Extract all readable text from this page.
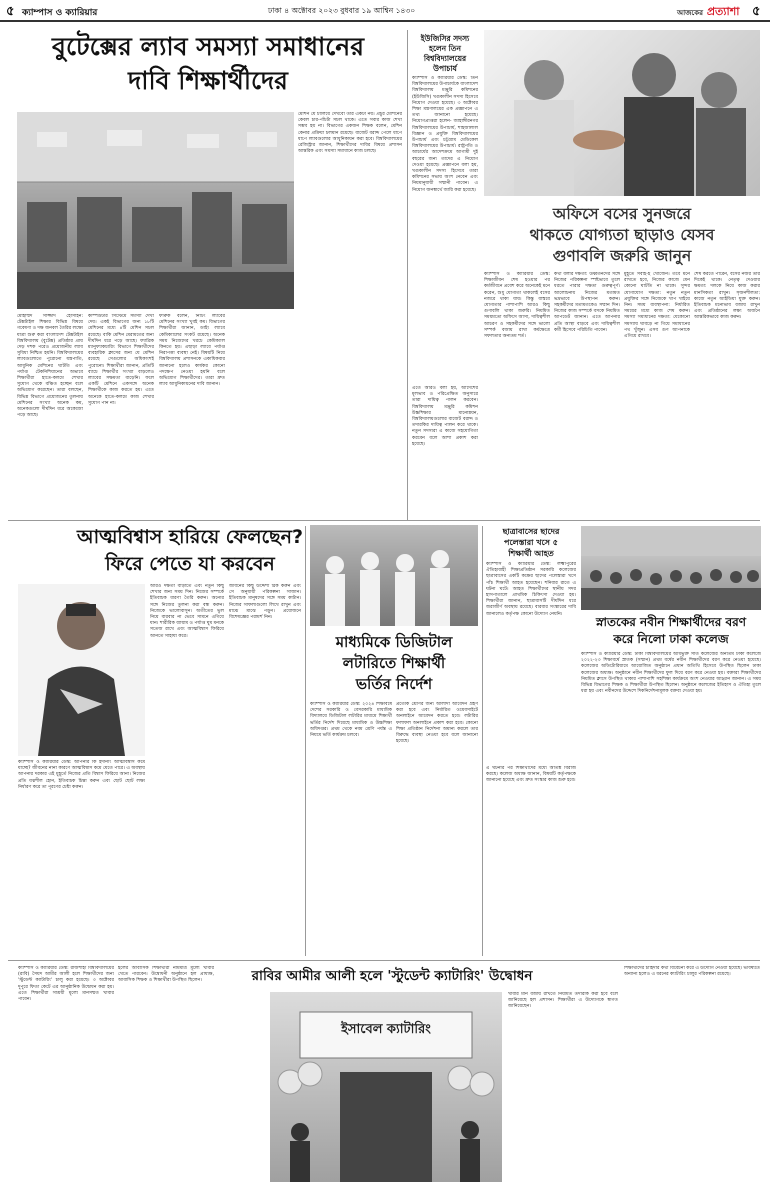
৫ ক্যাম্পাস ও ক্যারিয়ার	ঢাকা ৪ অক্টোবর ২০২৩ বুধবার ১৯ আশ্বিন ১৪৩০	আজকের প্রত্যাশা ৫
বুটেক্সের ল্যাব সমস্যা সমাধানের
দাবি শিক্ষার্থীদের
মোহাম্মদ সাজ্জাদ হোসাইন: টেক্সটাইল শিক্ষার বিভিন্ন বিষয়ে গবেষণা ও দক্ষ জনবল তৈরির লক্ষ্যে যাত্রা শুরু করা বাংলাদেশ টেক্সটাইল বিশ্ববিদ্যালয় (বুটেক্স) প্রতিষ্ঠার প্রায় দেড় দশক পরেও প্রয়োজনীয় ল্যাব সুবিধা নিশ্চিত হয়নি। বিশ্ববিদ্যালয়ের ল্যাবগুলোতে পুরোনো যন্ত্রপাতি, আধুনিক মেশিনের ঘাটতি এবং পর্যাপ্ত টেকনিশিয়ানের অভাবে শিক্ষার্থীরা হাতে-কলমে শেখার সুযোগ থেকে বঞ্চিত হচ্ছেন বলে অভিযোগ করেছেন। তারা বলছেন, বিভিন্ন বিভাগে প্রয়োজনের তুলনায় মেশিনের সংখ্যা অনেক কম, অনেকগুলো দীর্ঘদিন ধরে অকেজো পড়ে আছে।
কম্পিউটার সিস্টেমে সমস্যা দেখা দেয়। একই বিভাগের জন্য ১৮টি মেশিনের মধ্যে ৪টি মেশিন সচল রয়েছে। বাকি মেশিন মেরামতের জন্য দীর্ঘদিন ধরে পড়ে আছে। ফ্যাব্রিক ম্যানুফ্যাকচারিং বিভাগে শিক্ষার্থীদের ব্যবহারিক ক্লাসের জন্য যে মেশিন রয়েছে সেগুলোর অধিকাংশই পুরোনো। শিক্ষার্থীরা জানান, প্রতিটি ব্যাচে শিক্ষার্থীর সংখ্যা বাড়লেও ল্যাবের সক্ষমতা বাড়েনি। ফলে একটি মেশিনে একসঙ্গে অনেক শিক্ষার্থীকে কাজ করতে হয়। এতে অনেকে হাতে-কলমে কাজ শেখার সুযোগ পান না।
ফারুক বলেন, নিটিং ল্যাবের মেশিনের সংখ্যা খুবই কম। বিভাগের শিক্ষার্থীরা জানান, ডাইং ল্যাবে কেমিক্যালের সংকট রয়েছে। অনেক সময় নিজেদের খরচে কেমিক্যাল কিনতে হয়। এছাড়া ল্যাবে পর্যাপ্ত নিরাপত্তা ব্যবস্থা নেই। বিষয়টি নিয়ে বিশ্ববিদ্যালয় প্রশাসনকে একাধিকবার জানানো হলেও কার্যকর কোনো পদক্ষেপ নেওয়া হয়নি বলে অভিযোগ শিক্ষার্থীদের। তারা দ্রুত ল্যাব আধুনিকায়নের দাবি জানান।
মেশিন যে চালিয়ে দেখবো তার একটা নয়। প্রচুর মেশিনের কেবল চার-পাঁচটা সচল থাকে। এতে সবার কাজ শেখা সম্ভব হয় না। বিভাগের একজন শিক্ষক বলেন, মেশিন কেনার প্রক্রিয়া চলমান রয়েছে। বাজেট বরাদ্দ পেলে ধাপে ধাপে ল্যাবগুলোর আধুনিকায়ন করা হবে। বিশ্ববিদ্যালয়ের রেজিস্ট্রার জানান, শিক্ষার্থীদের দাবির বিষয়ে প্রশাসন আন্তরিক এবং সমস্যা সমাধানে কাজ চলছে।
ইউজিসির সদস্য হলেন তিন বিশ্ববিদ্যালয়ের উপাচার্য
ক্যাম্পাস ও ক্যারিয়ার ডেস্ক: তিন বিশ্ববিদ্যালয়ের উপাচার্যকে বাংলাদেশ বিশ্ববিদ্যালয় মঞ্জুরি কমিশনের (ইউজিসি) খণ্ডকালীন সদস্য হিসেবে নিয়োগ দেওয়া হয়েছে। ৩ অক্টোবর শিক্ষা মন্ত্রণালয়ের এক প্রজ্ঞাপনে এ তথ্য জানানো হয়েছে। নিয়োগপ্রাপ্তরা হলেন- জাহাঙ্গীরনগর বিশ্ববিদ্যালয়ের উপাচার্য, শাহজালাল বিজ্ঞান ও প্রযুক্তি বিশ্ববিদ্যালয়ের উপাচার্য এবং চট্টগ্রাম মেডিকেল বিশ্ববিদ্যালয়ের উপাচার্য। রাষ্ট্রপতি ও আচার্যের আদেশক্রমে আগামী দুই বছরের জন্য তাদের এ নিয়োগ দেওয়া হয়েছে। প্রজ্ঞাপনে বলা হয়, খণ্ডকালীন সদস্য হিসেবে তারা কমিশনের সভায় অংশ নেবেন এবং নিয়মানুযায়ী সম্মানী পাবেন। এ নিয়োগ জনস্বার্থে জারি করা হয়েছে।
এতে আরও বলা হয়, আদেশের মূলভাব ও পরিপ্রেক্ষিত অনুসারে তারা দায়িত্ব পালন করবেন। বিশ্ববিদ্যালয় মঞ্জুরি কমিশন উচ্চশিক্ষার মানোন্নয়ন, বিশ্ববিদ্যালয়গুলোর বাজেট বরাদ্দ ও তদারকির দায়িত্ব পালন করে থাকে। নতুন সদস্যরা এ কাজে সহযোগিতা করবেন বলে আশা প্রকাশ করা হয়েছে।
অফিসে বসের সুনজরে
থাকতে যোগ্যতা ছাড়াও যেসব
গুণাবলি জরুরি জানুন
ক্যাম্পাস ও ক্যারিয়ার ডেস্ক: শিক্ষাজীবন শেষ হওয়ার পর কর্মজীবনে প্রবেশ করে অনেকেই মনে করেন, শুধু যোগ্যতা থাকলেই বসের নজরে থাকা যায়। কিন্তু বাস্তবে যোগ্যতার পাশাপাশি আরও কিছু গুণাবলি থাকা জরুরি। নিয়মিত সময়মতো অফিসে আসা, দায়িত্বশীল আচরণ ও সহকর্মীদের সঙ্গে ভালো সম্পর্ক বজায় রাখা কর্মক্ষেত্রে সফলতার অন্যতম শর্ত।
কথা বলার দক্ষতা: উর্ধ্বতনদের সঙ্গে নিজের পরিকল্পনা স্পষ্টভাবে তুলে ধরতে পারার দক্ষতা গুরুত্বপূর্ণ। আলোচনায় নিজের মতামত ভদ্রভাবে উপস্থাপন করুন। সহকর্মীদের মতামতকেও সম্মান দিন। নিজের কাজ সম্পর্কে বসকে নিয়মিত আপডেট জানান। এতে আপনার প্রতি আস্থা বাড়বে এবং দায়িত্বশীল কর্মী হিসেবে পরিচিতি পাবেন।
মুহূর্তে সবাই-ই খোঁজেন। তবে মনে রাখতে হবে, নিজের কাজে যেন কোনো ঘাটতি না থাকে। সুন্দর যোগাযোগ দক্ষতা: নতুন নতুন প্রযুক্তির সঙ্গে নিজেকে খাপ খাইয়ে নিন। সময় ব্যবস্থাপনা: নির্ধারিত সময়ের মধ্যে কাজ শেষ করুন। সমস্যা সমাধানের দক্ষতা: যেকোনো সমস্যায় ঘাবড়ে না গিয়ে সমাধানের পথ খুঁজুন। এসব গুণ আপনাকে এগিয়ে রাখবে।
শেষ করতে পারেন, বসের নজর তার দিকেই থাকে। নেতৃত্ব দেওয়ার ক্ষমতা: দলকে নিয়ে কাজ করার মানসিকতা রাখুন। সৃজনশীলতা: কাজে নতুন আইডিয়া যুক্ত করুন। ইতিবাচক মনোভাব বজায় রাখুন এবং প্রতিষ্ঠানের লক্ষ্য অর্জনে আন্তরিকভাবে কাজ করুন।
আত্মবিশ্বাস হারিয়ে ফেলছেন?
ফিরে পেতে যা করবেন
ক্যাম্পাস ও ক্যারিয়ার ডেস্ক: আপনার কি ইদানীং আত্মবিশ্বাস কমে যাচ্ছে? জীবনের নানা কারণে আত্মবিশ্বাস কমে যেতে পারে। এ অবস্থায় আপনার দরকার এই মুহূর্তে নিজের প্রতি বিশ্বাস ফিরিয়ে আনা। নিজের প্রতি যত্নশীল হোন, ইতিবাচক চিন্তা করুন এবং ছোট ছোট লক্ষ্য নির্ধারণ করে তা পূরণের চেষ্টা করুন।
আরও দক্ষতা বাড়াতে এবং নতুন কিছু শেখার জন্য সময় দিন। নিজের সম্পর্কে ইতিবাচক ধারণা তৈরি করুন। অন্যের সঙ্গে নিজের তুলনা করা বন্ধ করুন। নিজেকে ভালোবাসুন। অতীতের ভুল নিয়ে বারবার না ভেবে সামনে এগিয়ে যান। শারীরিক ব্যায়াম ও পর্যাপ্ত ঘুম মনকে সতেজ রাখে এবং আত্মবিশ্বাস ফিরিয়ে আনতে সাহায্য করে।
জীবনের কিছু উদ্দেশ্য ঠিক করুন এবং সে অনুযায়ী পরিকল্পনা সাজান। ইতিবাচক মানুষদের সঙ্গে সময় কাটান। নিজের সাফল্যগুলো লিখে রাখুন এবং মাঝে মাঝে পড়ুন। প্রয়োজনে বিশেষজ্ঞের পরামর্শ নিন।
মাধ্যমিকে ডিজিটাল
লটারিতে শিক্ষার্থী
ভর্তির নির্দেশ
ক্যাম্পাস ও ক্যারিয়ার ডেস্ক: ২০২৪ শিক্ষাবর্ষে দেশের সরকারি ও বেসরকারি মাধ্যমিক বিদ্যালয়ে ডিজিটাল লটারির মাধ্যমে শিক্ষার্থী ভর্তির নির্দেশ দিয়েছে মাধ্যমিক ও উচ্চশিক্ষা অধিদপ্তর। প্রথম থেকে নবম শ্রেণি পর্যন্ত এ নিয়মে ভর্তি কার্যক্রম চলবে।
প্রত্যেক শ্রেণির জন্য আলাদা আবেদন গ্রহণ করা হবে এবং নির্ধারিত ওয়েবসাইটে অনলাইনে আবেদন করতে হবে। লটারির ফলাফল অনলাইনে প্রকাশ করা হবে। কোনো শিক্ষা প্রতিষ্ঠান নির্দেশনা অমান্য করলে তার বিরুদ্ধে ব্যবস্থা নেওয়া হবে বলে জানানো হয়েছে।
ছাত্রাবাসের ছাদের
পলেস্তারা খসে ৫
শিক্ষার্থী আহত
ক্যাম্পাস ও ক্যারিয়ার ডেস্ক: লক্ষ্মীপুরের ঐতিহ্যবাহী শিক্ষাপ্রতিষ্ঠান সরকারি কলেজের ছাত্রাবাসের একটি কক্ষের ছাদের পলেস্তারা খসে পাঁচ শিক্ষার্থী আহত হয়েছেন। শনিবার রাতে এ ঘটনা ঘটে। আহত শিক্ষার্থীদের স্থানীয় সদর হাসপাতালে প্রাথমিক চিকিৎসা দেওয়া হয়। শিক্ষার্থীরা জানান, ছাত্রাবাসটি দীর্ঘদিন ধরে জরাজীর্ণ অবস্থায় রয়েছে। বারবার সংস্কারের দাবি জানালেও কর্তৃপক্ষ কোনো উদ্যোগ নেয়নি।
এ ঘটনার পর শিক্ষার্থীদের মধ্যে আতঙ্ক বিরাজ করছে। কলেজ অধ্যক্ষ জানান, বিষয়টি কর্তৃপক্ষকে জানানো হয়েছে এবং দ্রুত সংস্কার কাজ শুরু হবে।
স্নাতকের নবীন শিক্ষার্থীদের বরণ
করে নিলো ঢাকা কলেজ
ক্যাম্পাস ও ক্যারিয়ার ডেস্ক: ঢাকা বিশ্ববিদ্যালয়ের অধিভুক্ত সাত কলেজের অন্যতম ঢাকা কলেজে ২০২২-২৩ শিক্ষাবর্ষে স্নাতক (সম্মান) প্রথম বর্ষের নবীন শিক্ষার্থীদের বরণ করে নেওয়া হয়েছে। কলেজের অডিটোরিয়ামে আয়োজিত অনুষ্ঠানে প্রধান অতিথি হিসেবে উপস্থিত ছিলেন ঢাকা কলেজের অধ্যক্ষ। অনুষ্ঠানে নবীন শিক্ষার্থীদের ফুল দিয়ে বরণ করে নেওয়া হয়। বক্তারা শিক্ষার্থীদের নিয়মিত ক্লাসে উপস্থিত থাকার পাশাপাশি সহশিক্ষা কার্যক্রমে অংশ নেওয়ার আহ্বান জানান। এ সময় বিভিন্ন বিভাগের শিক্ষক ও শিক্ষার্থীরা উপস্থিত ছিলেন। অনুষ্ঠানে কলেজের ইতিহাস ও ঐতিহ্য তুলে ধরা হয় এবং নবীনদের উদ্দেশে দিকনির্দেশনামূলক বক্তব্য দেওয়া হয়।
ক্যাম্পাস ও ক্যারিয়ার ডেস্ক: রাজশাহী বিশ্ববিদ্যালয়ের (রাবি) সৈয়দ আমীর আলী হলে শিক্ষার্থীদের জন্য 'স্টুডেন্ট ক্যাটারিং' চালু করা হয়েছে। ৩ অক্টোবর দুপুরে ফিতা কেটে এর আনুষ্ঠানিক উদ্বোধন করা হয়। এতে শিক্ষার্থীরা সাশ্রয়ী মূল্যে মানসম্মত খাবার পাবেন।
হলের আবাসিক শিক্ষার্থীরা নামমাত্র মূল্যে খাবার খেতে পারবেন। উদ্বোধনী অনুষ্ঠানে হল প্রাধ্যক্ষ, আবাসিক শিক্ষক ও শিক্ষার্থীরা উপস্থিত ছিলেন।	রাবির আমীর আলী হলে 'স্টুডেন্ট ক্যাটারিং' উদ্বোধন
ইসাবেল ক্যাটারিং
খাবার মান বজায় রাখতে নিয়মিত তদারকি করা হবে বলে জানিয়েছে হল প্রশাসন। শিক্ষার্থীরা এ উদ্যোগকে স্বাগত জানিয়েছেন।
শিক্ষার্থীদের চাহিদার কথা বিবেচনা করে এ উদ্যোগ নেওয়া হয়েছে। ভবিষ্যতে অন্যান্য হলেও এ ধরনের ক্যাটারিং চালুর পরিকল্পনা রয়েছে।
